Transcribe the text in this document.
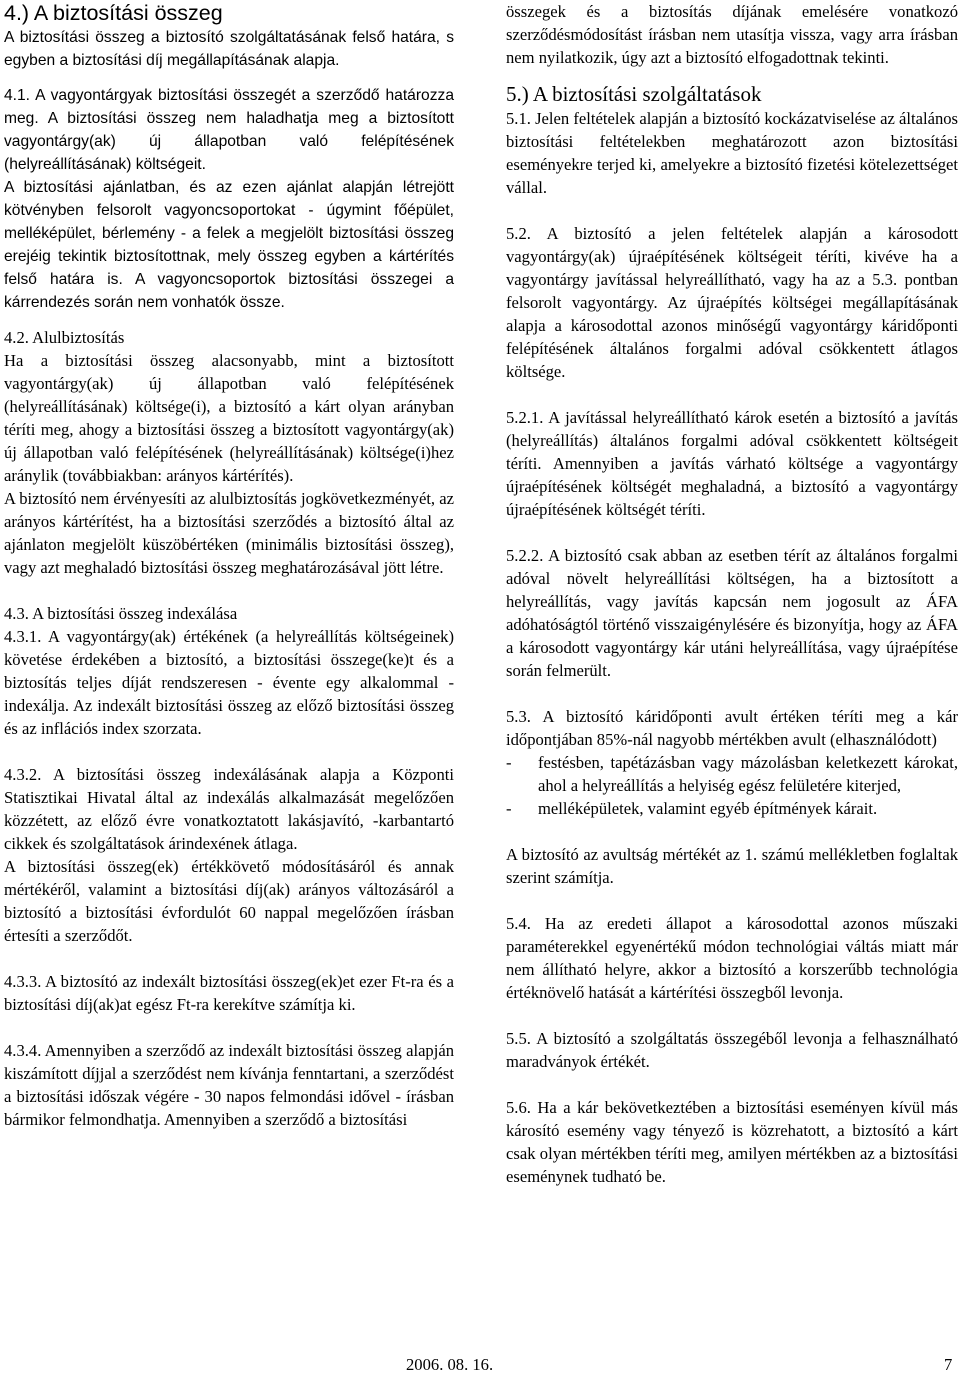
4.) A biztosítási összeg

A biztosítási összeg a biztosító szolgáltatásának felső határa, s egyben a biztosítási díj megállapításának alapja.

4.1. A vagyontárgyak biztosítási összegét a szerződő határozza meg. A biztosítási összeg nem haladhatja meg a biztosított vagyontárgy(ak) új állapotban való felépítésének (helyreállításának) költségeit.

A biztosítási ajánlatban, és az ezen ajánlat alapján létrejött kötvényben felsorolt vagyoncsoportokat - úgymint főépület, melléképület, bérlemény - a felek a megjelölt biztosítási összeg erejéig tekintik biztosítottnak, mely összeg egyben a kártérítés felső határa is. A vagyoncsoportok biztosítási összegei a kárrendezés során nem vonhatók össze.

4.2. Alulbiztosítás

Ha a biztosítási összeg alacsonyabb, mint a biztosított vagyontárgy(ak) új állapotban való felépítésének (helyreállításának) költsége(i), a biztosító a kárt olyan arányban téríti meg, ahogy a biztosítási összeg a biztosított vagyontárgy(ak) új állapotban való felépítésének (helyreállításának) költsége(i)hez aránylik (továbbiakban: arányos kártérítés).

A biztosító nem érvényesíti az alulbiztosítás jogkövetkezményét, az arányos kártérítést, ha a biztosítási szerződés a biztosító által az ajánlaton megjelölt küszöbértéken (minimális biztosítási összeg), vagy azt meghaladó biztosítási összeg meghatározásával jött létre.

4.3. A biztosítási összeg indexálása

4.3.1. A vagyontárgy(ak) értékének (a helyreállítás költségeinek) követése érdekében a biztosító, a biztosítási összege(ke)t és a biztosítás teljes díját rendszeresen - évente egy alkalommal - indexálja. Az indexált biztosítási összeg az előző biztosítási összeg és az inflációs index szorzata.

4.3.2. A biztosítási összeg indexálásának alapja a Központi Statisztikai Hivatal által az indexálás alkalmazását megelőzően közzétett, az előző évre vonatkoztatott lakásjavító, -karbantartó cikkek és szolgáltatások árindexének átlaga.

A biztosítási összeg(ek) értékkövető módosításáról és annak mértékéről, valamint a biztosítási díj(ak) arányos változásáról a biztosító a biztosítási évfordulót 60 nappal megelőzően írásban értesíti a szerződőt.

4.3.3. A biztosító az indexált biztosítási összeg(ek)et ezer Ft-ra és a biztosítási díj(ak)at egész Ft-ra kerekítve számítja ki.

4.3.4. Amennyiben a szerződő az indexált biztosítási összeg alapján kiszámított díjjal a szerződést nem kívánja fenntartani, a szerződést a biztosítási időszak végére - 30 napos felmondási idővel - írásban bármikor felmondhatja. Amennyiben a szerződő a biztosítási

összegek és a biztosítás díjának emelésére vonatkozó szerződésmódosítást írásban nem utasítja vissza, vagy arra írásban nem nyilatkozik, úgy azt a biztosító elfogadottnak tekinti.

5.) A biztosítási szolgáltatások

5.1. Jelen feltételek alapján a biztosító kockázatviselése az általános biztosítási feltételekben meghatározott azon biztosítási eseményekre terjed ki, amelyekre a biztosító fizetési kötelezettséget vállal.

5.2. A biztosító a jelen feltételek alapján a károsodott vagyontárgy(ak) újraépítésének költségeit téríti, kivéve ha a vagyontárgy javítással helyreállítható, vagy ha az a 5.3. pontban felsorolt vagyontárgy. Az újraépítés költségei megállapításának alapja a károsodottal azonos minőségű vagyontárgy káridőponti felépítésének általános forgalmi adóval csökkentett átlagos költsége.

5.2.1. A javítással helyreállítható károk esetén a biztosító a javítás (helyreállítás) általános forgalmi adóval csökkentett költségeit téríti. Amennyiben a javítás várható költsége a vagyontárgy újraépítésének költségét meghaladná, a biztosító a vagyontárgy újraépítésének költségét téríti.

5.2.2. A biztosító csak abban az esetben térít az általános forgalmi adóval növelt helyreállítási költségen, ha a biztosított a helyreállítás, vagy javítás kapcsán nem jogosult az ÁFA adóhatóságtól történő visszaigénylésére és bizonyítja, hogy az ÁFA a károsodott vagyontárgy kár utáni helyreállítása, vagy újraépítése során felmerült.

5.3. A biztosító káridőponti avult értéken téríti meg a kár időpontjában 85%-nál nagyobb mértékben avult (elhasználódott)

- festésben, tapétázásban vagy mázolásban keletkezett károkat, ahol a helyreállítás a helyiség egész felületére kiterjed,
- melléképületek, valamint egyéb építmények kárait.

A biztosító az avultság mértékét az 1. számú mellékletben foglaltak szerint számítja.

5.4. Ha az eredeti állapot a károsodottal azonos műszaki paraméterekkel egyenértékű módon technológiai váltás miatt már nem állítható helyre, akkor a biztosító a korszerűbb technológia értéknövelő hatását a kártérítési összegből levonja.

5.5. A biztosító a szolgáltatás összegéből levonja a felhasználható maradványok értékét.

5.6. Ha a kár bekövetkeztében a biztosítási eseményen kívül más károsító esemény vagy tényező is közrehatott, a biztosító a kárt csak olyan mértékben téríti meg, amilyen mértékben az a biztosítási eseménynek tudható be.

2006. 08. 16.	7
